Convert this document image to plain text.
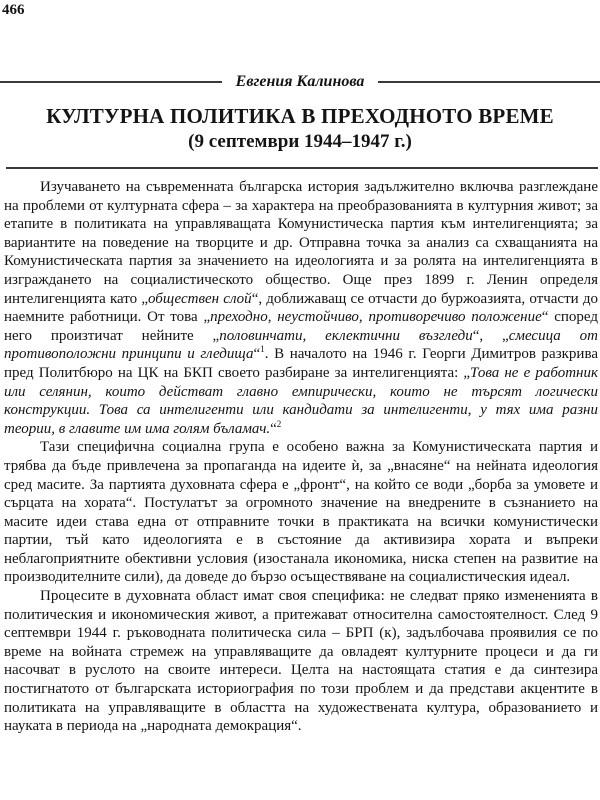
466
Евгения Калинова
КУЛТУРНА ПОЛИТИКА В ПРЕХОДНОТО ВРЕМЕ
(9 септември 1944–1947 г.)

Изучаването на съвременната българска история задължително включва разглеждане на проблеми от културната сфера – за характера на преобразованията в културния живот; за етапите в политиката на управляващата Комунистическа партия към интелигенцията; за вариантите на поведение на творците и др. Отправна точка за анализ са схващанията на Комунистическата партия за значението на идеологията и за ролята на интелигенцията в изграждането на социалистическото общество. Още през 1899 г. Ленин определя интелигенцията като „обществен слой“, доближаващ се отчасти до буржоазията, отчасти до наемните работници. От това „преходно, неустойчиво, противоречиво положение“ според него произтичат нейните „половинчати, еклектични възгледи“, „смесица от противоположни принципи и гледища“$^1$. В началото на 1946 г. Георги Димитров разкрива пред Политбюро на ЦК на БКП своето разбиране за интелигенцията: „Това не е работник или селянин, които действат главно емпирически, които не търсят логически конструкции. Това са интелигенти или кандидати за интелигенти, у тях има разни теории, в главите им има голям бъламач.“$^2$

Тази специфична социална група е особено важна за Комунистическата партия и трябва да бъде привлечена за пропаганда на идеите ѝ, за „внасяне“ на нейната идеология сред масите. За партията духовната сфера е „фронт“, на който се води „борба за умовете и сърцата на хората“. Постулатът за огромното значение на внедрените в съзнанието на масите идеи става една от отправните точки в практиката на всички комунистически партии, тъй като идеологията е в състояние да активизира хората и въпреки неблагоприятните обективни условия (изостанала икономика, ниска степен на развитие на производителните сили), да доведе до бързо осъществяване на социалистическия идеал.

Процесите в духовната област имат своя специфика: не следват пряко измененията в политическия и икономическия живот, а притежават относителна самостоятелност. След 9 септември 1944 г. ръководната политическа сила – БРП (к), задълбочава проявилия се по време на войната стремеж на управляващите да овладеят културните процеси и да ги насочват в руслото на своите интереси. Целта на настоящата статия е да синтезира постигнатото от българската историография по този проблем и да представи акцентите в политиката на управляващите в областта на художествената култура, образованието и науката в периода на „народната демокрация“.
